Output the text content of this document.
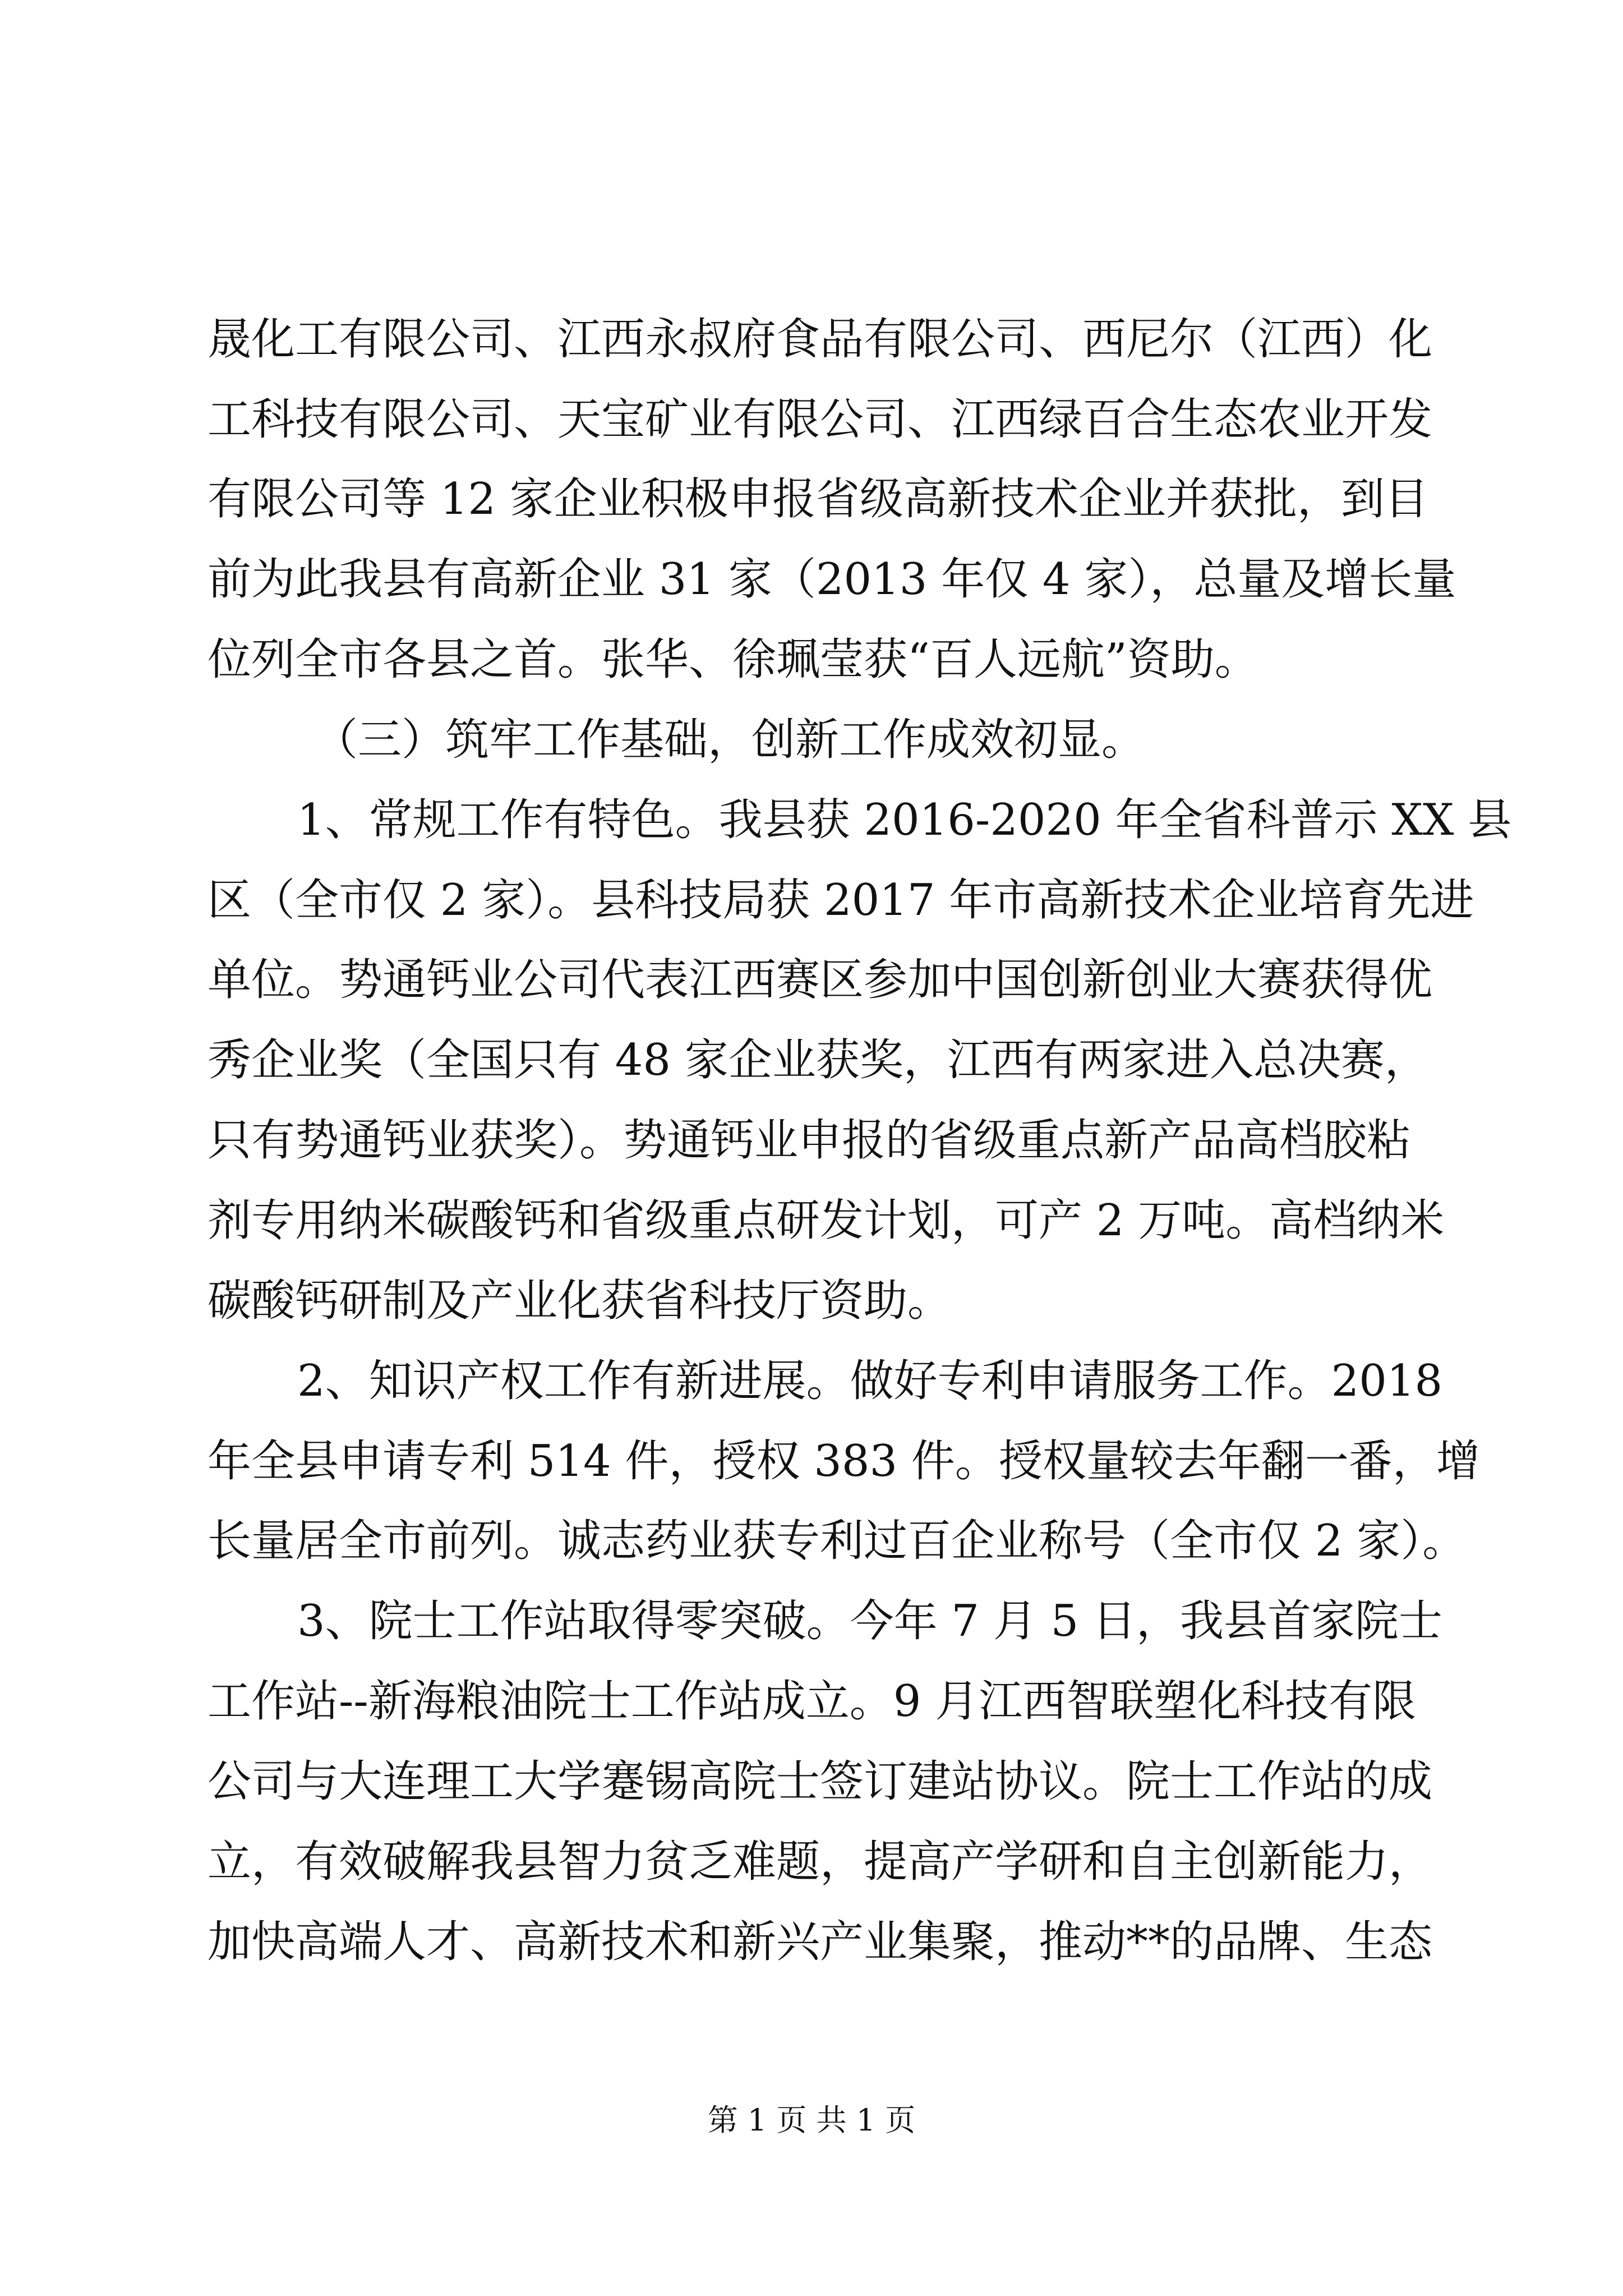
晟化工有限公司、江西永叔府食品有限公司、西尼尔（江西）化
工科技有限公司、天宝矿业有限公司、江西绿百合生态农业开发
有限公司等 12 家企业积极申报省级高新技术企业并获批，到目
前为此我县有高新企业 31 家（2013 年仅 4 家），总量及增长量
位列全市各县之首。张华、徐珮莹获“百人远航”资助。
（三）筑牢工作基础，创新工作成效初显。
1、常规工作有特色。我县获 2016-2020 年全省科普示 XX 县
区（全市仅 2 家）。县科技局获 2017 年市高新技术企业培育先进
单位。势通钙业公司代表江西赛区参加中国创新创业大赛获得优
秀企业奖（全国只有 48 家企业获奖，江西有两家进入总决赛，
只有势通钙业获奖）。势通钙业申报的省级重点新产品高档胶粘
剂专用纳米碳酸钙和省级重点研发计划，可产 2 万吨。高档纳米
碳酸钙研制及产业化获省科技厅资助。
2、知识产权工作有新进展。做好专利申请服务工作。2018
年全县申请专利 514 件，授权 383 件。授权量较去年翻一番，增
长量居全市前列。诚志药业获专利过百企业称号（全市仅 2 家）。
3、院士工作站取得零突破。今年 7 月 5 日，我县首家院士
工作站--新海粮油院士工作站成立。9 月江西智联塑化科技有限
公司与大连理工大学蹇锡高院士签订建站协议。院士工作站的成
立，有效破解我县智力贫乏难题，提高产学研和自主创新能力，
加快高端人才、高新技术和新兴产业集聚，推动**的品牌、生态
第 1 页 共 1 页
